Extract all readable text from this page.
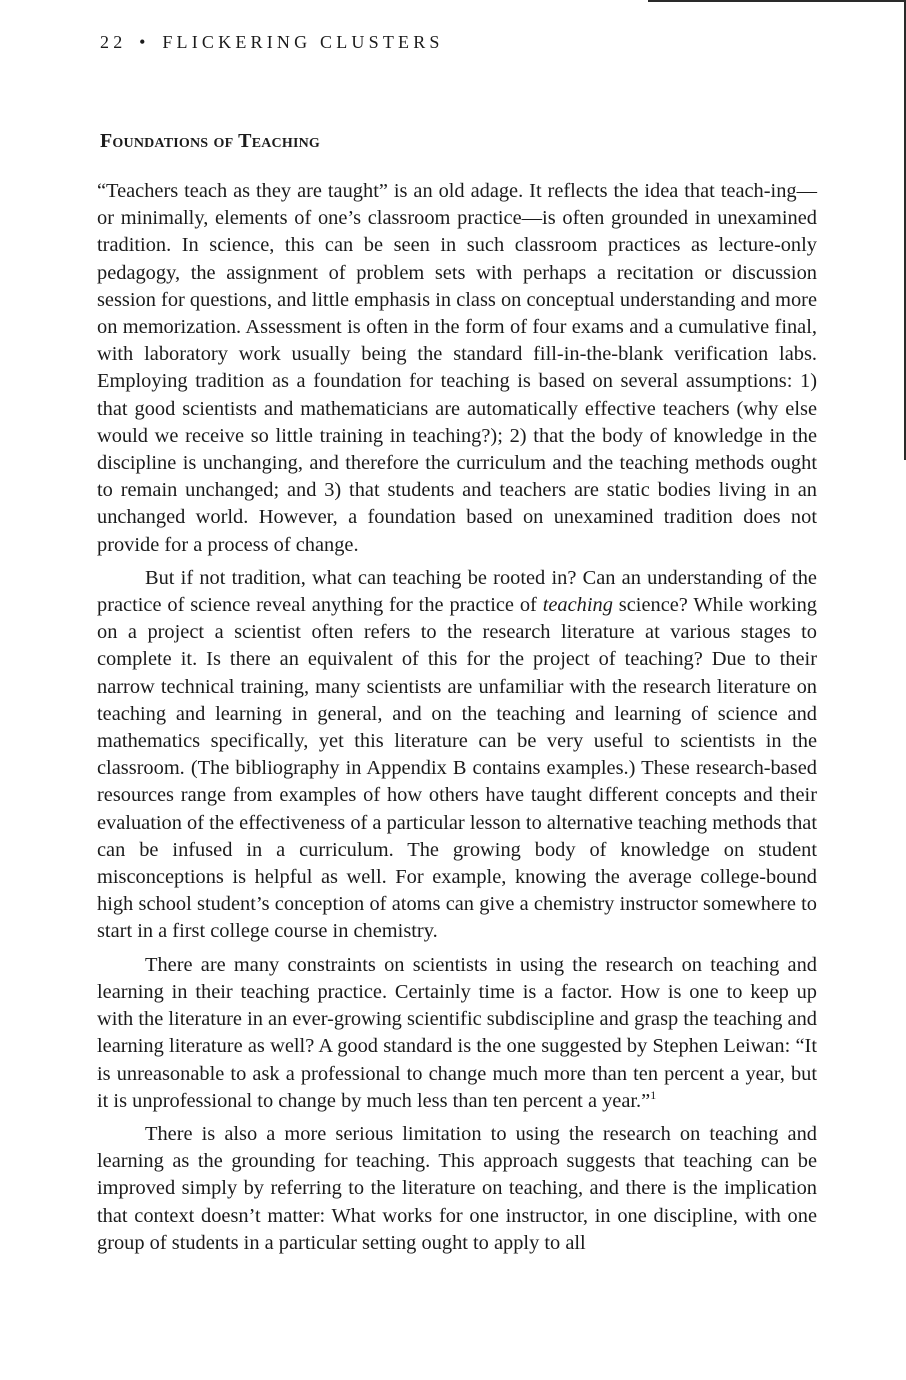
22 • FLICKERING CLUSTERS
Foundations of Teaching

“Teachers teach as they are taught” is an old adage. It reflects the idea that teach-ing—or minimally, elements of one’s classroom practice—is often grounded in unexamined tradition. In science, this can be seen in such classroom practices as lecture-only pedagogy, the assignment of problem sets with perhaps a recitation or discussion session for questions, and little emphasis in class on conceptual understanding and more on memorization. Assessment is often in the form of four exams and a cumulative final, with laboratory work usually being the standard fill-in-the-blank verification labs. Employing tradition as a foundation for teaching is based on several assumptions: 1) that good scientists and mathematicians are automatically effective teachers (why else would we receive so little training in teaching?); 2) that the body of knowledge in the discipline is unchanging, and therefore the curriculum and the teaching methods ought to remain unchanged; and 3) that students and teachers are static bodies living in an unchanged world. However, a foundation based on unexamined tradition does not provide for a process of change.

But if not tradition, what can teaching be rooted in? Can an understanding of the practice of science reveal anything for the practice of teaching science? While working on a project a scientist often refers to the research literature at various stages to complete it. Is there an equivalent of this for the project of teaching? Due to their narrow technical training, many scientists are unfamiliar with the research literature on teaching and learning in general, and on the teaching and learning of science and mathematics specifically, yet this literature can be very useful to scientists in the classroom. (The bibliography in Appendix B contains examples.) These research-based resources range from examples of how others have taught different concepts and their evaluation of the effectiveness of a particular lesson to alternative teaching methods that can be infused in a curriculum. The growing body of knowledge on student misconceptions is helpful as well. For example, knowing the average college-bound high school student’s conception of atoms can give a chemistry instructor somewhere to start in a first college course in chemistry.

There are many constraints on scientists in using the research on teaching and learning in their teaching practice. Certainly time is a factor. How is one to keep up with the literature in an ever-growing scientific subdiscipline and grasp the teaching and learning literature as well? A good standard is the one suggested by Stephen Leiwan: “It is unreasonable to ask a professional to change much more than ten percent a year, but it is unprofessional to change by much less than ten percent a year.”$^1$

There is also a more serious limitation to using the research on teaching and learning as the grounding for teaching. This approach suggests that teaching can be improved simply by referring to the literature on teaching, and there is the implication that context doesn’t matter: What works for one instructor, in one discipline, with one group of students in a particular setting ought to apply to all
